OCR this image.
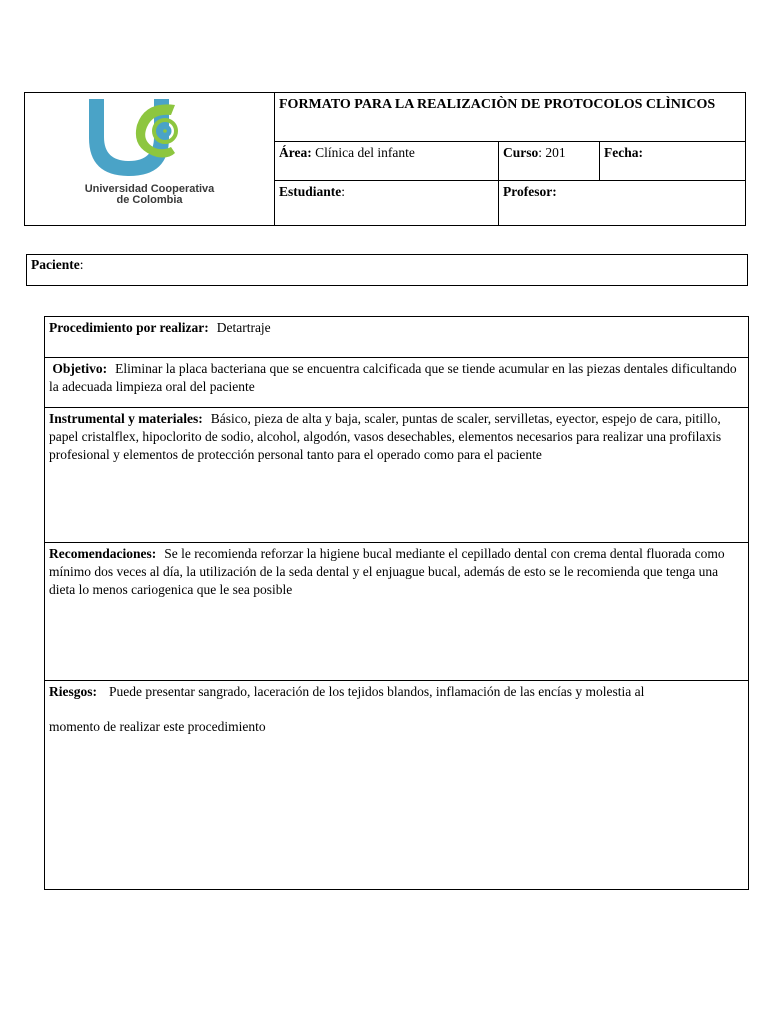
Universidad Cooperativa
de Colombia	FORMATO PARA LA REALIZACIÒN DE PROTOCOLOS CLÌNICOS		
	Área: Clínica del infante	Curso: 201	Fecha:
	Estudiante:	Profesor:	
Paciente:
Procedimiento por realizar: Detartraje
Objetivo: Eliminar la placa bacteriana que se encuentra calcificada que se tiende acumular en las piezas dentales dificultando la adecuada limpieza oral del paciente
Instrumental y materiales: Básico, pieza de alta y baja, scaler, puntas de scaler, servilletas, eyector, espejo de cara, pitillo, papel cristalflex, hipoclorito de sodio, alcohol, algodón, vasos desechables, elementos necesarios para realizar una profilaxis profesional y elementos de protección personal tanto para el operado como para el paciente
Recomendaciones: Se le recomienda reforzar la higiene bucal mediante el cepillado dental con crema dental fluorada como mínimo dos veces al día, la utilización de la seda dental y el enjuague bucal, además de esto se le recomienda que tenga una dieta lo menos cariogenica que le sea posible
Riesgos: Puede presentar sangrado, laceración de los tejidos blandos, inflamación de las encías y molestia al
momento de realizar este procedimiento
